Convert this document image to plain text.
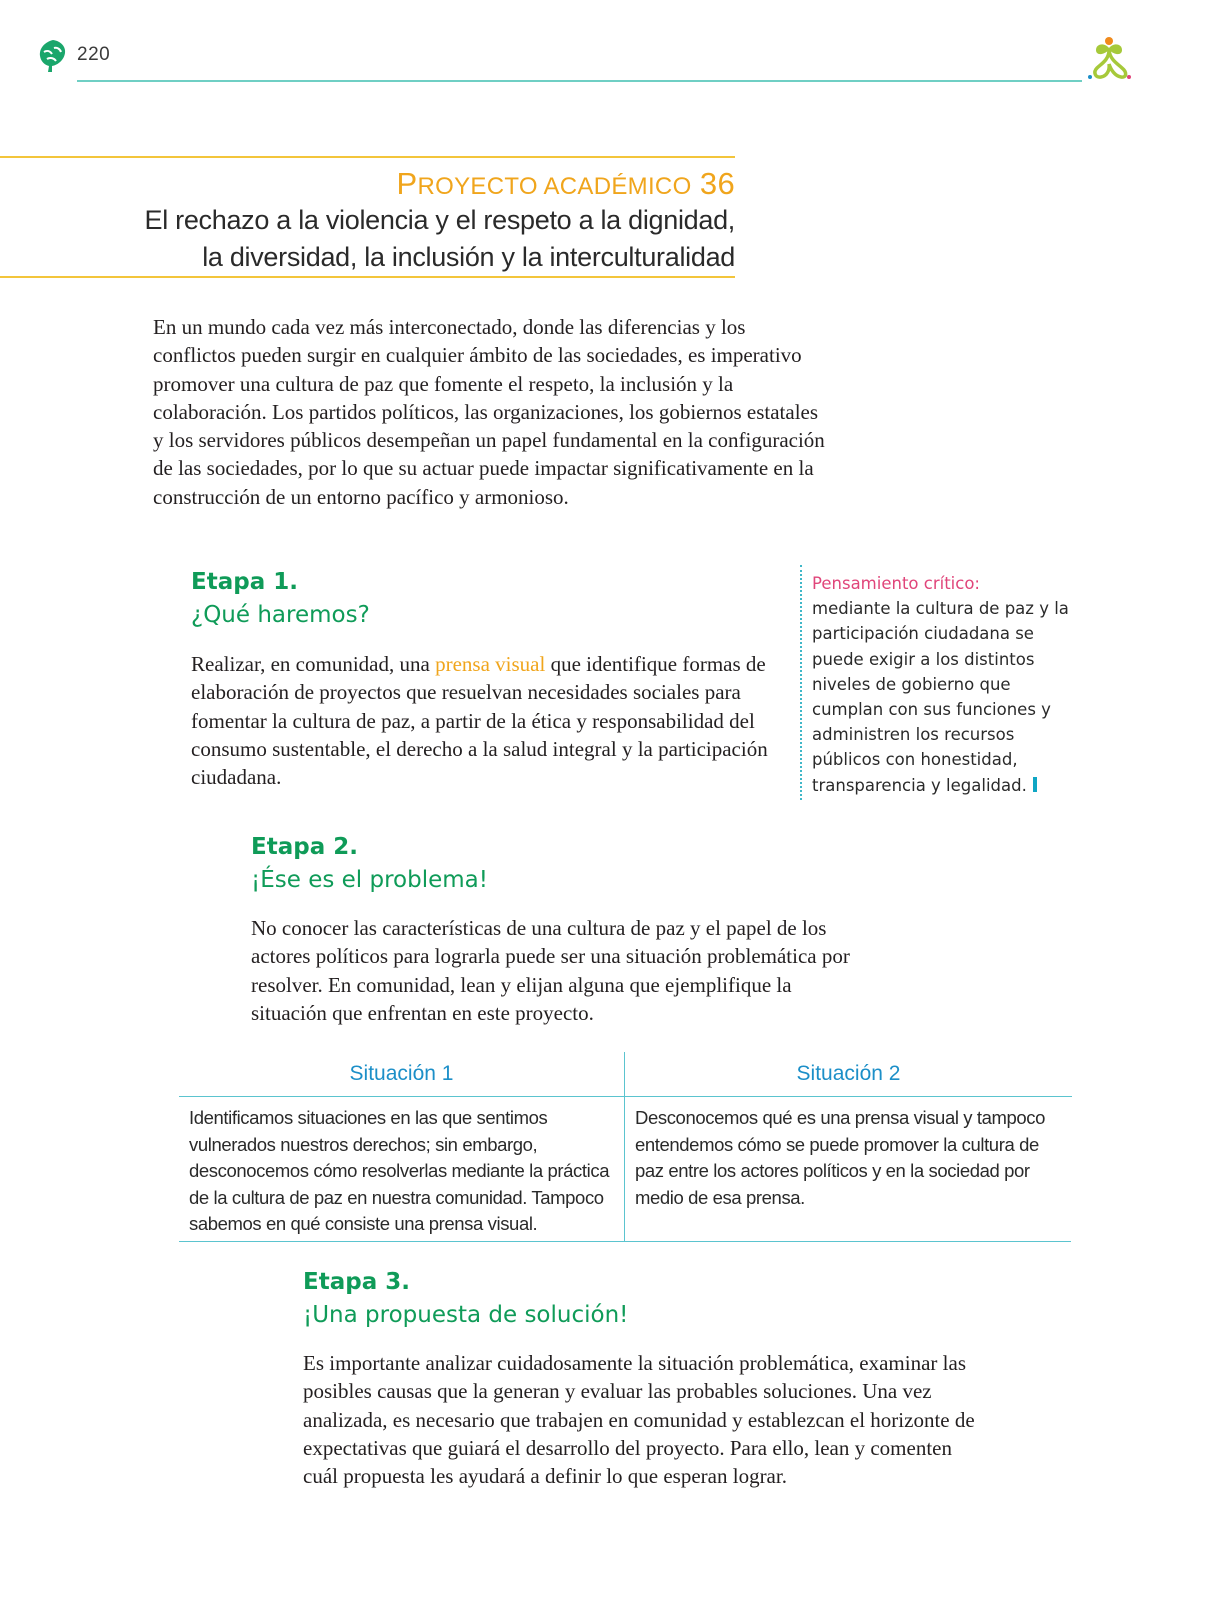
220
PROYECTO ACADÉMICO 36
El rechazo a la violencia y el respeto a la dignidad,
la diversidad, la inclusión y la interculturalidad

En un mundo cada vez más interconectado, donde las diferencias y los conflictos pueden surgir en cualquier ámbito de las sociedades, es imperativo promover una cultura de paz que fomente el respeto, la inclusión y la colaboración. Los partidos políticos, las organizaciones, los gobiernos estatales y los servidores públicos desempeñan un papel fundamental en la configuración de las sociedades, por lo que su actuar puede impactar significativamente en la construcción de un entorno pacífico y armonioso.

Etapa 1.
¿Qué haremos?

Realizar, en comunidad, una prensa visual que identifique formas de elaboración de proyectos que resuelvan necesidades sociales para fomentar la cultura de paz, a partir de la ética y responsabilidad del consumo sustentable, el derecho a la salud integral y la participación ciudadana.

Pensamiento crítico:
mediante la cultura de paz y la participación ciudadana se puede exigir a los distintos niveles de gobierno que cumplan con sus funciones y administren los recursos públicos con honestidad, transparencia y legalidad.
Etapa 2.
¡Ése es el problema!

No conocer las características de una cultura de paz y el papel de los actores políticos para lograrla puede ser una situación problemática por resolver. En comunidad, lean y elijan alguna que ejemplifique la situación que enfrentan en este proyecto.

Situación 1
Identificamos situaciones en las que sentimos vulnerados nuestros derechos; sin embargo, desconocemos cómo resolverlas mediante la práctica de la cultura de paz en nuestra comunidad. Tampoco sabemos en qué consiste una prensa visual.
Situación 2
Desconocemos qué es una prensa visual y tampoco entendemos cómo se puede promover la cultura de paz entre los actores políticos y en la sociedad por medio de esa prensa.
Etapa 3.
¡Una propuesta de solución!

Es importante analizar cuidadosamente la situación problemática, examinar las posibles causas que la generan y evaluar las probables soluciones. Una vez analizada, es necesario que trabajen en comunidad y establezcan el horizonte de expectativas que guiará el desarrollo del proyecto. Para ello, lean y comenten cuál propuesta les ayudará a definir lo que esperan lograr.
